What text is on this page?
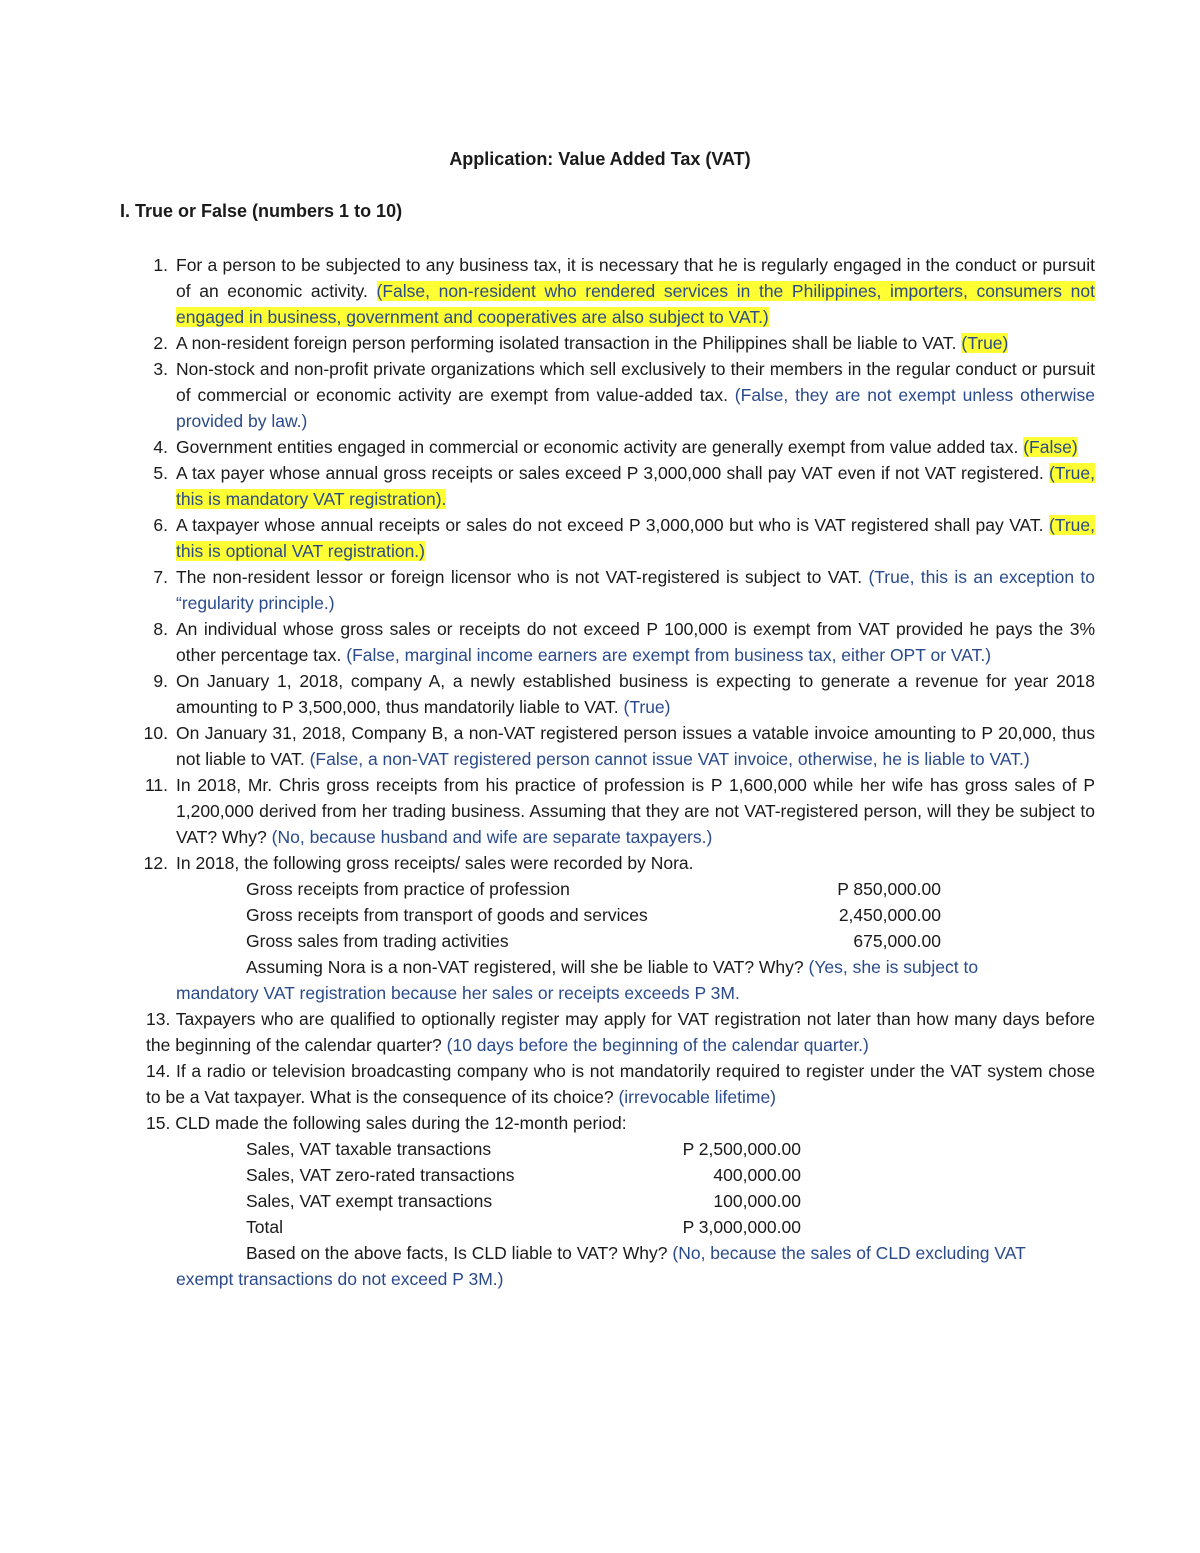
Application: Value Added Tax (VAT)
I. True or False (numbers 1 to 10)
1. For a person to be subjected to any business tax, it is necessary that he is regularly engaged in the conduct or pursuit of an economic activity. (False, non-resident who rendered services in the Philippines, importers, consumers not engaged in business, government and cooperatives are also subject to VAT.)
2. A non-resident foreign person performing isolated transaction in the Philippines shall be liable to VAT. (True)
3. Non-stock and non-profit private organizations which sell exclusively to their members in the regular conduct or pursuit of commercial or economic activity are exempt from value-added tax. (False, they are not exempt unless otherwise provided by law.)
4. Government entities engaged in commercial or economic activity are generally exempt from value added tax. (False)
5. A tax payer whose annual gross receipts or sales exceed P 3,000,000 shall pay VAT even if not VAT registered. (True, this is mandatory VAT registration).
6. A taxpayer whose annual receipts or sales do not exceed P 3,000,000 but who is VAT registered shall pay VAT. (True, this is optional VAT registration.)
7. The non-resident lessor or foreign licensor who is not VAT-registered is subject to VAT. (True, this is an exception to “regularity principle.)
8. An individual whose gross sales or receipts do not exceed P 100,000 is exempt from VAT provided he pays the 3% other percentage tax. (False, marginal income earners are exempt from business tax, either OPT or VAT.)
9. On January 1, 2018, company A, a newly established business is expecting to generate a revenue for year 2018 amounting to P 3,500,000, thus mandatorily liable to VAT. (True)
10. On January 31, 2018, Company B, a non-VAT registered person issues a vatable invoice amounting to P 20,000, thus not liable to VAT. (False, a non-VAT registered person cannot issue VAT invoice, otherwise, he is liable to VAT.)
11. In 2018, Mr. Chris gross receipts from his practice of profession is P 1,600,000 while her wife has gross sales of P 1,200,000 derived from her trading business. Assuming that they are not VAT-registered person, will they be subject to VAT? Why? (No, because husband and wife are separate taxpayers.)
12. In 2018, the following gross receipts/ sales were recorded by Nora.
Gross receipts from practice of profession	P 850,000.00
Gross receipts from transport of goods and services	2,450,000.00
Gross sales from trading activities	675,000.00
Assuming Nora is a non-VAT registered, will she be liable to VAT? Why? (Yes, she is subject to
mandatory VAT registration because her sales or receipts exceeds P 3M.
13. Taxpayers who are qualified to optionally register may apply for VAT registration not later than how many days before the beginning of the calendar quarter? (10 days before the beginning of the calendar quarter.)
14. If a radio or television broadcasting company who is not mandatorily required to register under the VAT system chose to be a Vat taxpayer. What is the consequence of its choice? (irrevocable lifetime)
15. CLD made the following sales during the 12-month period:
Sales, VAT taxable transactions	P 2,500,000.00
Sales, VAT zero-rated transactions	400,000.00
Sales, VAT exempt transactions	100,000.00
Total	P 3,000,000.00
Based on the above facts, Is CLD liable to VAT? Why? (No, because the sales of CLD excluding VAT
exempt transactions do not exceed P 3M.)
